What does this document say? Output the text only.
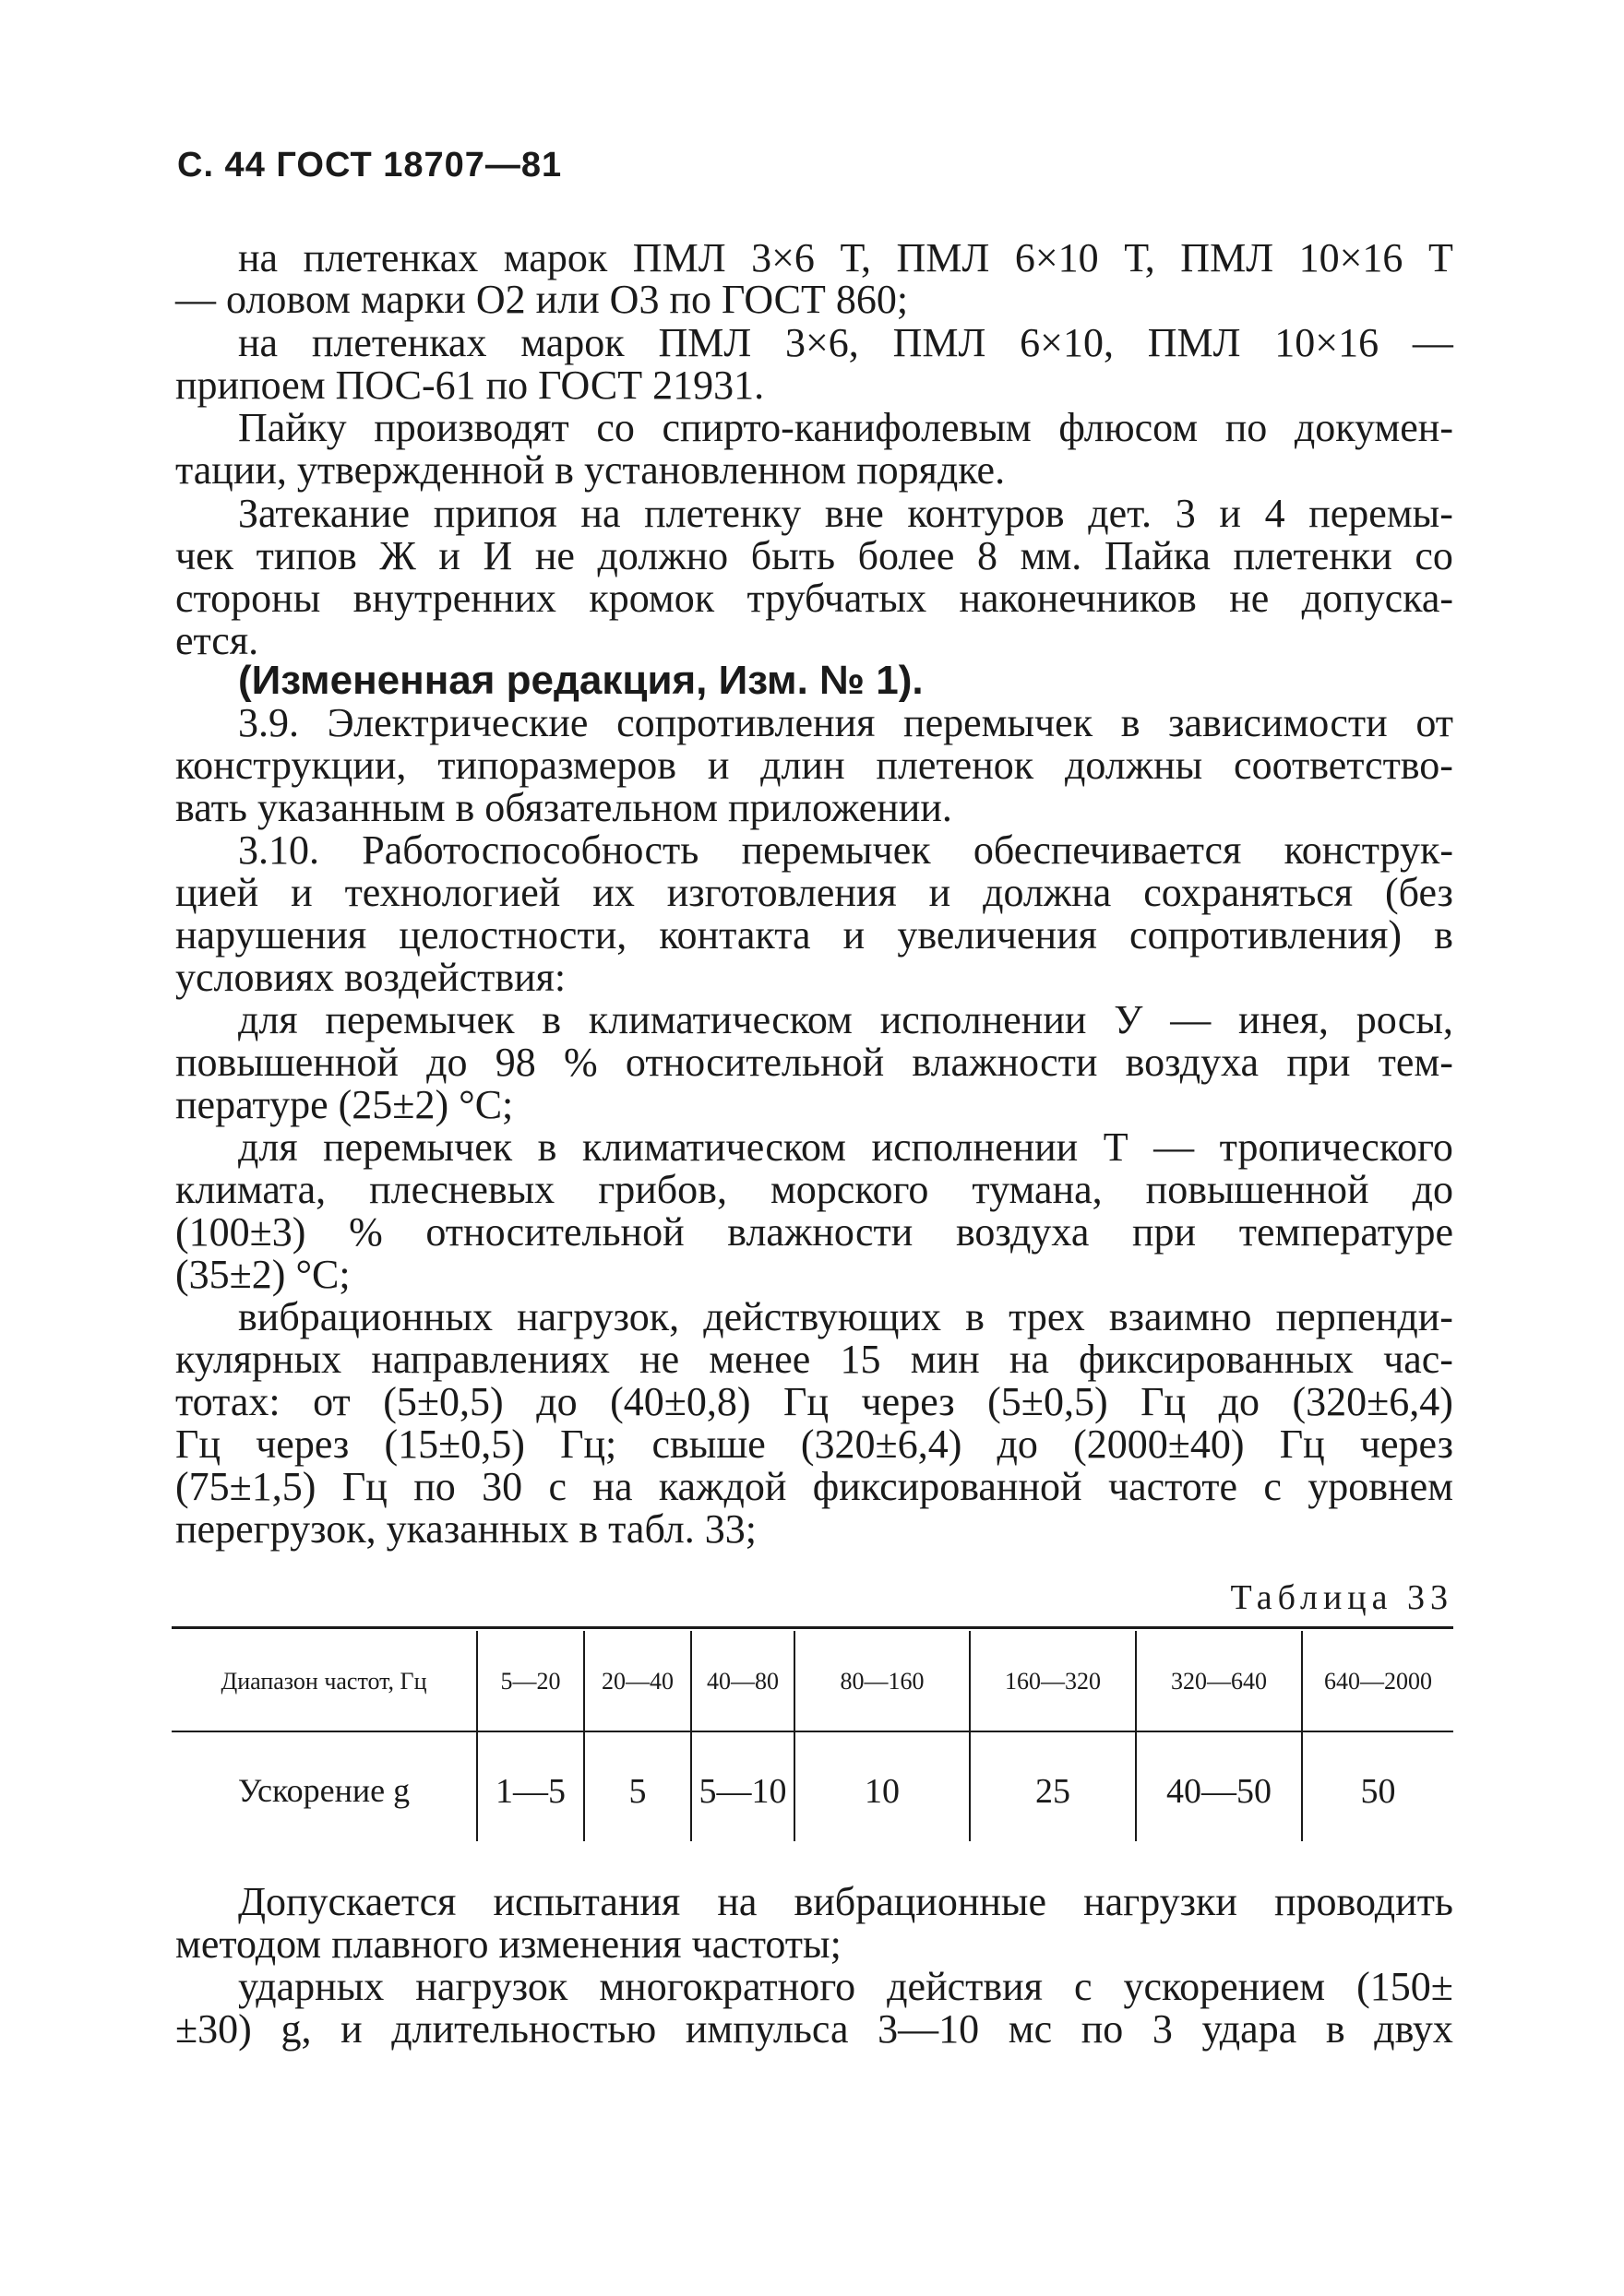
С. 44 ГОСТ 18707—81
на плетенках марок ПМЛ 3×6 Т, ПМЛ 6×10 Т, ПМЛ 10×16 Т
— оловом марки О2 или О3 по ГОСТ 860;
на плетенках марок ПМЛ 3×6, ПМЛ 6×10, ПМЛ 10×16 —
припоем ПОС-61 по ГОСТ 21931.
Пайку производят со спирто-канифолевым флюсом по докумен-
тации, утвержденной в установленном порядке.
Затекание припоя на плетенку вне контуров дет. 3 и 4 перемы-
чек типов Ж и И не должно быть более 8 мм. Пайка плетенки со
стороны внутренних кромок трубчатых наконечников не допуска-
ется.
(Измененная редакция, Изм. № 1).
3.9. Электрические сопротивления перемычек в зависимости от
конструкции, типоразмеров и длин плетенок должны соответство-
вать указанным в обязательном приложении.
3.10. Работоспособность перемычек обеспечивается конструк-
цией и технологией их изготовления и должна сохраняться (без
нарушения целостности, контакта и увеличения сопротивления) в
условиях воздействия:
для перемычек в климатическом исполнении У — инея, росы,
повышенной до 98 % относительной влажности воздуха при тем-
пературе (25±2) °С;
для перемычек в климатическом исполнении Т — тропического
климата, плесневых грибов, морского тумана, повышенной до
(100±3) % относительной влажности воздуха при температуре
(35±2) °С;
вибрационных нагрузок, действующих в трех взаимно перпенди-
кулярных направлениях не менее 15 мин на фиксированных час-
тотах: от (5±0,5) до (40±0,8) Гц через (5±0,5) Гц до (320±6,4)
Гц через (15±0,5) Гц; свыше (320±6,4) до (2000±40) Гц через
(75±1,5) Гц по 30 с на каждой фиксированной частоте с уровнем
перегрузок, указанных в табл. 33;
Таблица 33
Диапазон частот, Гц	5—20	20—40	40—80	80—160	160—320	320—640	640—2000
Ускорение g	1—5	5	5—10	10	25	40—50	50
Допускается испытания на вибрационные нагрузки проводить
методом плавного изменения частоты;
ударных нагрузок многократного действия с ускорением (150±
±30) g, и длительностью импульса 3—10 мс по 3 удара в двух
